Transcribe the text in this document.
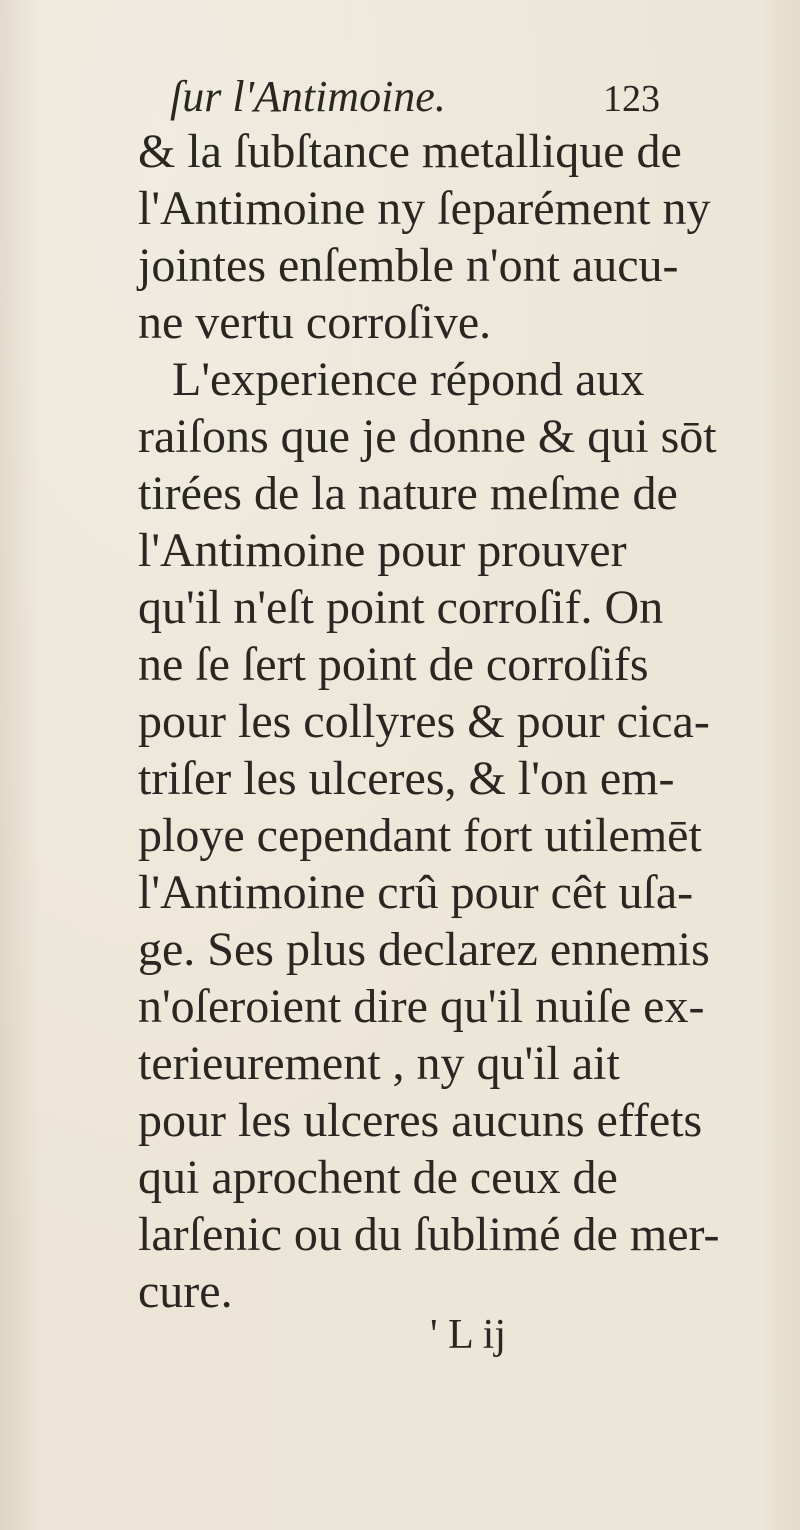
ſur l'Antimoine.	123
& la ſubſtance metallique de
l'Antimoine ny ſeparément ny
jointes enſemble n'ont aucu-
ne vertu corroſive.
L'experience répond aux
raiſons que je donne & qui sōt
tirées de la nature meſme de
l'Antimoine pour prouver
qu'il n'eſt point corroſif. On
ne ſe ſert point de corroſifs
pour les collyres & pour cica-
triſer les ulceres, & l'on em-
ploye cependant fort utilemēt
l'Antimoine crû pour cêt uſa-
ge. Ses plus declarez ennemis
n'oſeroient dire qu'il nuiſe ex-
terieurement , ny qu'il ait
pour les ulceres aucuns effets
qui aprochent de ceux de
larſenic ou du ſublimé de mer-
cure.
' L ij
